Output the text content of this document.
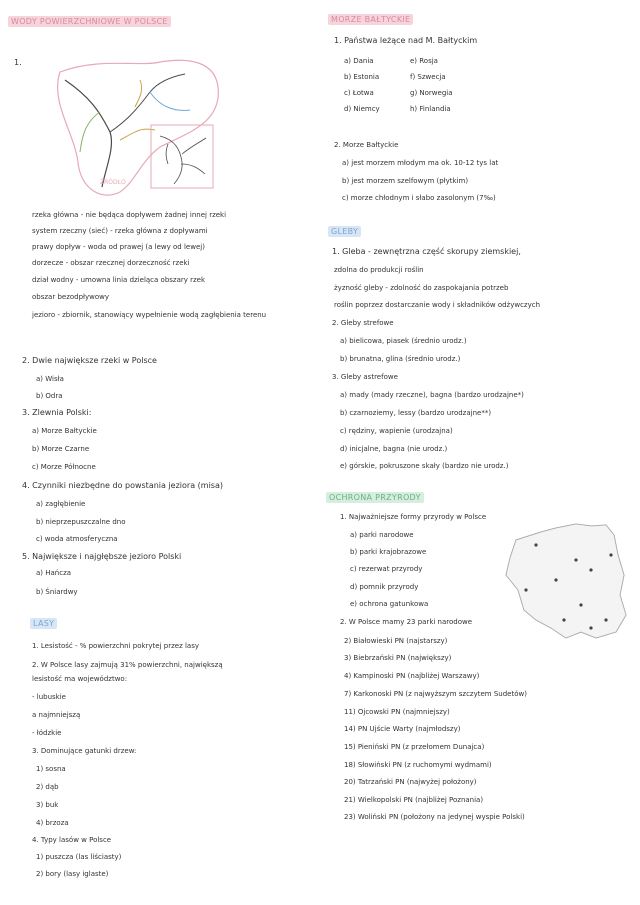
WODY POWIERZCHNIOWE W POLSCE
1.
ŹRÓDŁO
rzeka główna - nie będąca dopływem żadnej innej rzeki
system rzeczny (sieć) - rzeka główna z dopływami
prawy dopływ - woda od prawej (a lewy od lewej)
dorzecze - obszar rzecznej dorzeczność rzeki
dział wodny - umowna linia dzieląca obszary rzek
obszar bezodpływowy
jezioro - zbiornik, stanowiący wypełnienie wodą zagłębienia terenu
2. Dwie największe rzeki w Polsce
a) Wisła
b) Odra
3. Zlewnia Polski:
a) Morze Bałtyckie
b) Morze Czarne
c) Morze Północne
4. Czynniki niezbędne do powstania jeziora (misa)
a) zagłębienie
b) nieprzepuszczalne dno
c) woda atmosferyczna
5. Największe i najgłębsze jezioro Polski
a) Hańcza
b) Śniardwy
LASY
1. Lesistość - % powierzchni pokrytej przez lasy
2. W Polsce lasy zajmują 31% powierzchni, największą
lesistość ma województwo:
- lubuskie
a najmniejszą
- łódzkie
3. Dominujące gatunki drzew:
1) sosna
2) dąb
3) buk
4) brzoza
4. Typy lasów w Polsce
1) puszcza (las liściasty)
2) bory (lasy iglaste)
MORZE BAŁTYCKIE
1. Państwa leżące nad M. Bałtyckim
a) Dania	e) Rosja
b) Estonia	f) Szwecja
c) Łotwa	g) Norwegia
d) Niemcy	h) Finlandia
2. Morze Bałtyckie
a) jest morzem młodym ma ok. 10-12 tys lat
b) jest morzem szelfowym (płytkim)
c) morze chłodnym i słabo zasolonym (7‰)
GLEBY
1. Gleba - zewnętrzna część skorupy ziemskiej,
zdolna do produkcji roślin
żyzność gleby - zdolność do zaspokajania potrzeb
roślin poprzez dostarczanie wody i składników odżywczych
2. Gleby strefowe
a) bielicowa, piasek (średnio urodz.)
b) brunatna, glina (średnio urodz.)
3. Gleby astrefowe
a) mady (mady rzeczne), bagna (bardzo urodzajne*)
b) czarnoziemy, lessy (bardzo urodzajne**)
c) rędziny, wapienie (urodzajna)
d) inicjalne, bagna (nie urodz.)
e) górskie, pokruszone skały (bardzo nie urodz.)
OCHRONA PRZYRODY
1. Najważniejsze formy przyrody w Polsce
a) parki narodowe
b) parki krajobrazowe
c) rezerwat przyrody
d) pomnik przyrody
e) ochrona gatunkowa
2. W Polsce mamy 23 parki narodowe
2) Białowieski PN (najstarszy)
3) Biebrzański PN (największy)
4) Kampinoski PN (najbliżej Warszawy)
7) Karkonoski PN (z najwyższym szczytem Sudetów)
11) Ojcowski PN (najmniejszy)
14) PN Ujście Warty (najmłodszy)
15) Pieniński PN (z przełomem Dunajca)
18) Słowiński PN (z ruchomymi wydmami)
20) Tatrzański PN (najwyżej położony)
21) Wielkopolski PN (najbliżej Poznania)
23) Woliński PN (położony na jedynej wyspie Polski)
